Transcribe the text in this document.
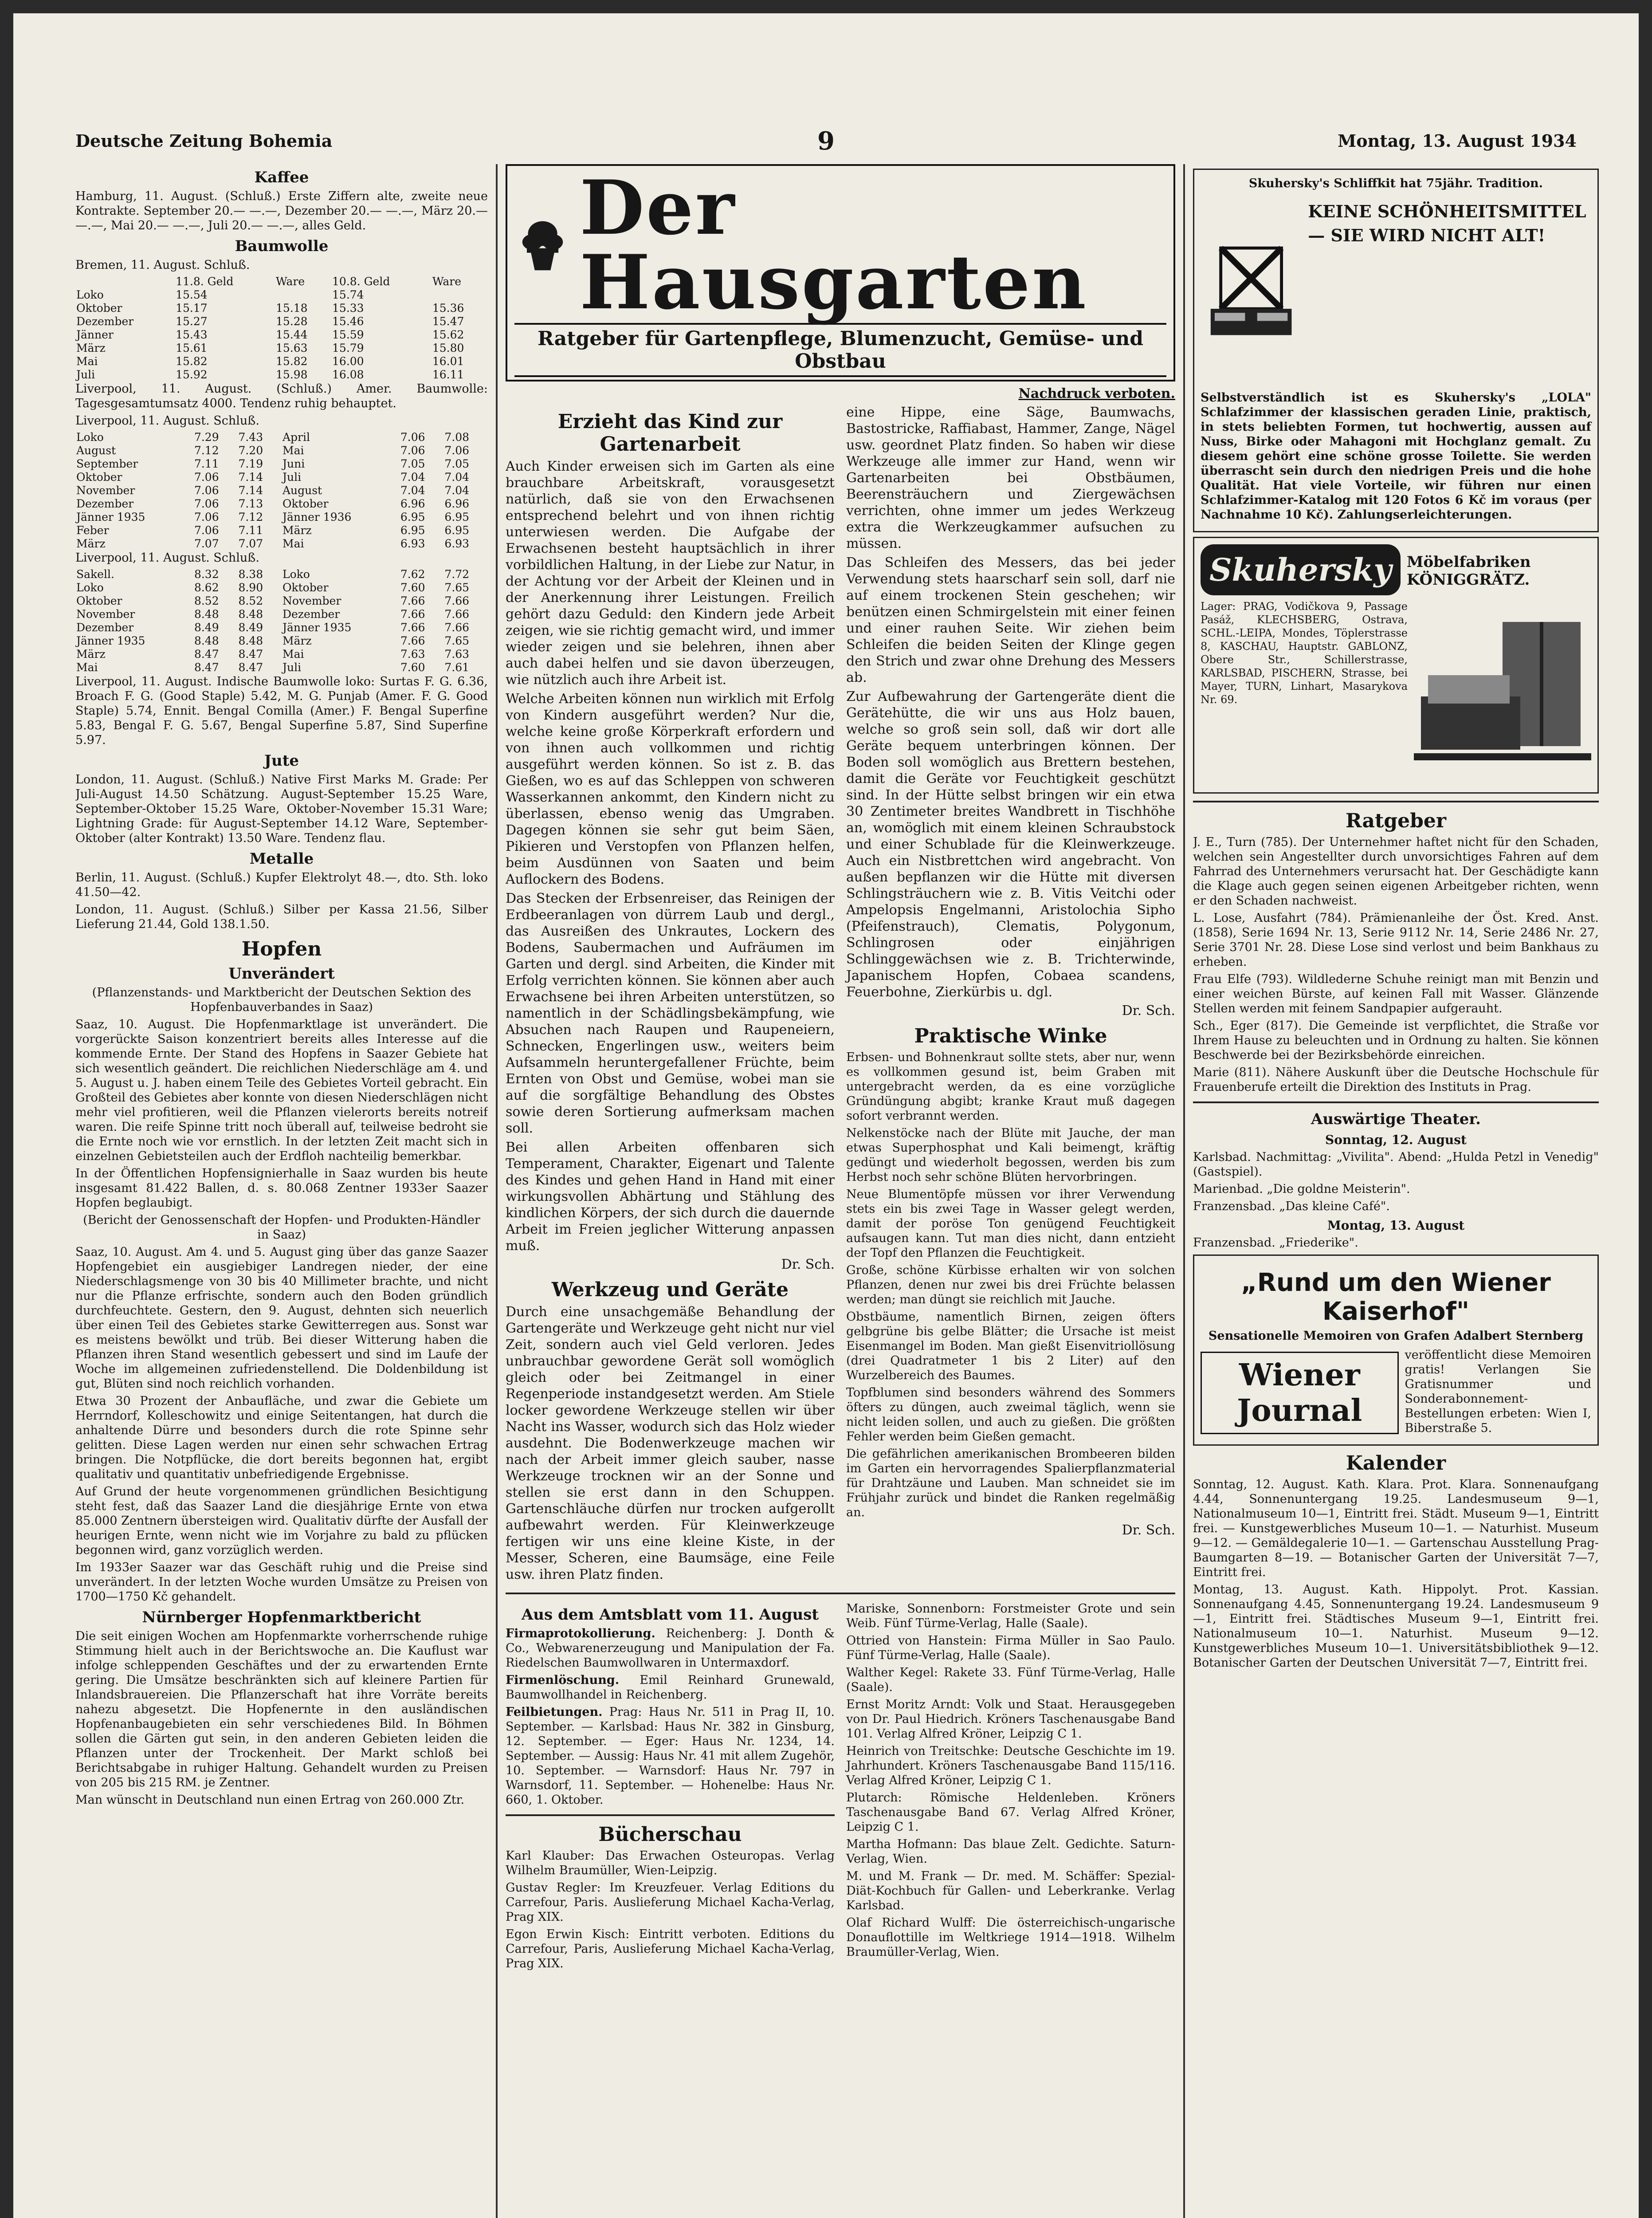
Deutsche Zeitung Bohemia	9	Montag, 13. August 1934
Kaffee

Hamburg, 11. August. (Schluß.) Erste Ziffern alte, zweite neue Kontrakte. September 20.— —.—, Dezember 20.— —.—, März 20.— —.—, Mai 20.— —.—, Juli 20.— —.—, alles Geld.

Baumwolle

Bremen, 11. August. Schluß.

	11.8. Geld	Ware	10.8. Geld	Ware
Loko	15.54		15.74	
Oktober	15.17	15.18	15.33	15.36
Dezember	15.27	15.28	15.46	15.47
Jänner	15.43	15.44	15.59	15.62
März	15.61	15.63	15.79	15.80
Mai	15.82	15.82	16.00	16.01
Juli	15.92	15.98	16.08	16.11

Liverpool, 11. August. (Schluß.) Amer. Baumwolle: Tagesgesamtumsatz 4000. Tendenz ruhig behauptet.

Liverpool, 11. August. Schluß.

Loko	7.29	7.43	April	7.06	7.08
August	7.12	7.20	Mai	7.06	7.06
September	7.11	7.19	Juni	7.05	7.05
Oktober	7.06	7.14	Juli	7.04	7.04
November	7.06	7.14	August	7.04	7.04
Dezember	7.06	7.13	Oktober	6.96	6.96
Jänner 1935	7.06	7.12	Jänner 1936	6.95	6.95
Feber	7.06	7.11	März	6.95	6.95
März	7.07	7.07	Mai	6.93	6.93

Liverpool, 11. August. Schluß.

Sakell.	8.32	8.38	Loko	7.62	7.72
Loko	8.62	8.90	Oktober	7.60	7.65
Oktober	8.52	8.52	November	7.66	7.66
November	8.48	8.48	Dezember	7.66	7.66
Dezember	8.49	8.49	Jänner 1935	7.66	7.66
Jänner 1935	8.48	8.48	März	7.66	7.65
März	8.47	8.47	Mai	7.63	7.63
Mai	8.47	8.47	Juli	7.60	7.61

Liverpool, 11. August. Indische Baumwolle loko: Surtas F. G. 6.36, Broach F. G. (Good Staple) 5.42, M. G. Punjab (Amer. F. G. Good Staple) 5.74, Ennit. Bengal Comilla (Amer.) F. Bengal Superfine 5.83, Bengal F. G. 5.67, Bengal Superfine 5.87, Sind Superfine 5.97.

Jute

London, 11. August. (Schluß.) Native First Marks M. Grade: Per Juli-August 14.50 Schätzung. August-September 15.25 Ware, September-Oktober 15.25 Ware, Oktober-November 15.31 Ware; Lightning Grade: für August-September 14.12 Ware, September-Oktober (alter Kontrakt) 13.50 Ware. Tendenz flau.

Metalle

Berlin, 11. August. (Schluß.) Kupfer Elektrolyt 48.—, dto. Sth. loko 41.50—42.

London, 11. August. (Schluß.) Silber per Kassa 21.56, Silber Lieferung 21.44, Gold 138.1.50.

Hopfen
Unverändert

(Pflanzenstands- und Marktbericht der Deutschen Sektion des Hopfenbauverbandes in Saaz)

Saaz, 10. August. Die Hopfenmarktlage ist unverändert. Die vorgerückte Saison konzentriert bereits alles Interesse auf die kommende Ernte. Der Stand des Hopfens in Saazer Gebiete hat sich wesentlich geändert. Die reichlichen Niederschläge am 4. und 5. August u. J. haben einem Teile des Gebietes Vorteil gebracht. Ein Großteil des Gebietes aber konnte von diesen Niederschlägen nicht mehr viel profitieren, weil die Pflanzen vielerorts bereits notreif waren. Die reife Spinne tritt noch überall auf, teilweise bedroht sie die Ernte noch wie vor ernstlich. In der letzten Zeit macht sich in einzelnen Gebietsteilen auch der Erdfloh nachteilig bemerkbar.

In der Öffentlichen Hopfensignierhalle in Saaz wurden bis heute insgesamt 81.422 Ballen, d. s. 80.068 Zentner 1933er Saazer Hopfen beglaubigt.

(Bericht der Genossenschaft der Hopfen- und Produkten-Händler in Saaz)

Saaz, 10. August. Am 4. und 5. August ging über das ganze Saazer Hopfengebiet ein ausgiebiger Landregen nieder, der eine Niederschlagsmenge von 30 bis 40 Millimeter brachte, und nicht nur die Pflanze erfrischte, sondern auch den Boden gründlich durchfeuchtete. Gestern, den 9. August, dehnten sich neuerlich über einen Teil des Gebietes starke Gewitterregen aus. Sonst war es meistens bewölkt und trüb. Bei dieser Witterung haben die Pflanzen ihren Stand wesentlich gebessert und sind im Laufe der Woche im allgemeinen zufriedenstellend. Die Doldenbildung ist gut, Blüten sind noch reichlich vorhanden.

Etwa 30 Prozent der Anbaufläche, und zwar die Gebiete um Herrndorf, Kolleschowitz und einige Seitentangen, hat durch die anhaltende Dürre und besonders durch die rote Spinne sehr gelitten. Diese Lagen werden nur einen sehr schwachen Ertrag bringen. Die Notpflücke, die dort bereits begonnen hat, ergibt qualitativ und quantitativ unbefriedigende Ergebnisse.

Auf Grund der heute vorgenommenen gründlichen Besichtigung steht fest, daß das Saazer Land die diesjährige Ernte von etwa 85.000 Zentnern übersteigen wird. Qualitativ dürfte der Ausfall der heurigen Ernte, wenn nicht wie im Vorjahre zu bald zu pflücken begonnen wird, ganz vorzüglich werden.

Im 1933er Saazer war das Geschäft ruhig und die Preise sind unverändert. In der letzten Woche wurden Umsätze zu Preisen von 1700—1750 Kč gehandelt.

Nürnberger Hopfenmarktbericht

Die seit einigen Wochen am Hopfenmarkte vorherrschende ruhige Stimmung hielt auch in der Berichtswoche an. Die Kauflust war infolge schleppenden Geschäftes und der zu erwartenden Ernte gering. Die Umsätze beschränkten sich auf kleinere Partien für Inlandsbrauereien. Die Pflanzerschaft hat ihre Vorräte bereits nahezu abgesetzt. Die Hopfenernte in den ausländischen Hopfenanbaugebieten ein sehr verschiedenes Bild. In Böhmen sollen die Gärten gut sein, in den anderen Gebieten leiden die Pflanzen unter der Trockenheit. Der Markt schloß bei Berichtsabgabe in ruhiger Haltung. Gehandelt wurden zu Preisen von 205 bis 215 RM. je Zentner.

Man wünscht in Deutschland nun einen Ertrag von 260.000 Ztr.

Der Hausgarten
Ratgeber für Gartenpflege, Blumenzucht, Gemüse- und Obstbau
Nachdruck verboten.
Erzieht das Kind zur Gartenarbeit

Auch Kinder erweisen sich im Garten als eine brauchbare Arbeitskraft, vorausgesetzt natürlich, daß sie von den Erwachsenen entsprechend belehrt und von ihnen richtig unterwiesen werden. Die Aufgabe der Erwachsenen besteht hauptsächlich in ihrer vorbildlichen Haltung, in der Liebe zur Natur, in der Achtung vor der Arbeit der Kleinen und in der Anerkennung ihrer Leistungen. Freilich gehört dazu Geduld: den Kindern jede Arbeit zeigen, wie sie richtig gemacht wird, und immer wieder zeigen und sie belehren, ihnen aber auch dabei helfen und sie davon überzeugen, wie nützlich auch ihre Arbeit ist.

Welche Arbeiten können nun wirklich mit Erfolg von Kindern ausgeführt werden? Nur die, welche keine große Körperkraft erfordern und von ihnen auch vollkommen und richtig ausgeführt werden können. So ist z. B. das Gießen, wo es auf das Schleppen von schweren Wasserkannen ankommt, den Kindern nicht zu überlassen, ebenso wenig das Umgraben. Dagegen können sie sehr gut beim Säen, Pikieren und Verstopfen von Pflanzen helfen, beim Ausdünnen von Saaten und beim Auflockern des Bodens.

Das Stecken der Erbsenreiser, das Reinigen der Erdbeeranlagen von dürrem Laub und dergl., das Ausreißen des Unkrautes, Lockern des Bodens, Saubermachen und Aufräumen im Garten und dergl. sind Arbeiten, die Kinder mit Erfolg verrichten können. Sie können aber auch Erwachsene bei ihren Arbeiten unterstützen, so namentlich in der Schädlingsbekämpfung, wie Absuchen nach Raupen und Raupeneiern, Schnecken, Engerlingen usw., weiters beim Aufsammeln heruntergefallener Früchte, beim Ernten von Obst und Gemüse, wobei man sie auf die sorgfältige Behandlung des Obstes sowie deren Sortierung aufmerksam machen soll.

Bei allen Arbeiten offenbaren sich Temperament, Charakter, Eigenart und Talente des Kindes und gehen Hand in Hand mit einer wirkungsvollen Abhärtung und Stählung des kindlichen Körpers, der sich durch die dauernde Arbeit im Freien jeglicher Witterung anpassen muß.

Dr. Sch.
Werkzeug und Geräte

Durch eine unsachgemäße Behandlung der Gartengeräte und Werkzeuge geht nicht nur viel Zeit, sondern auch viel Geld verloren. Jedes unbrauchbar gewordene Gerät soll womöglich gleich oder bei Zeitmangel in einer Regenperiode instandgesetzt werden. Am Stiele locker gewordene Werkzeuge stellen wir über Nacht ins Wasser, wodurch sich das Holz wieder ausdehnt. Die Bodenwerkzeuge machen wir nach der Arbeit immer gleich sauber, nasse Werkzeuge trocknen wir an der Sonne und stellen sie erst dann in den Schuppen. Gartenschläuche dürfen nur trocken aufgerollt aufbewahrt werden. Für Kleinwerkzeuge fertigen wir uns eine kleine Kiste, in der Messer, Scheren, eine Baumsäge, eine Feile usw. ihren Platz finden.

eine Hippe, eine Säge, Baumwachs, Bastostricke, Raffiabast, Hammer, Zange, Nägel usw. geordnet Platz finden. So haben wir diese Werkzeuge alle immer zur Hand, wenn wir Gartenarbeiten bei Obstbäumen, Beerensträuchern und Ziergewächsen verrichten, ohne immer um jedes Werkzeug extra die Werkzeugkammer aufsuchen zu müssen.

Das Schleifen des Messers, das bei jeder Verwendung stets haarscharf sein soll, darf nie auf einem trockenen Stein geschehen; wir benützen einen Schmirgelstein mit einer feinen und einer rauhen Seite. Wir ziehen beim Schleifen die beiden Seiten der Klinge gegen den Strich und zwar ohne Drehung des Messers ab.

Zur Aufbewahrung der Gartengeräte dient die Gerätehütte, die wir uns aus Holz bauen, welche so groß sein soll, daß wir dort alle Geräte bequem unterbringen können. Der Boden soll womöglich aus Brettern bestehen, damit die Geräte vor Feuchtigkeit geschützt sind. In der Hütte selbst bringen wir ein etwa 30 Zentimeter breites Wandbrett in Tischhöhe an, womöglich mit einem kleinen Schraubstock und einer Schublade für die Kleinwerkzeuge. Auch ein Nistbrettchen wird angebracht. Von außen bepflanzen wir die Hütte mit diversen Schlingsträuchern wie z. B. Vitis Veitchi oder Ampelopsis Engelmanni, Aristolochia Sipho (Pfeifenstrauch), Clematis, Polygonum, Schlingrosen oder einjährigen Schlinggewächsen wie z. B. Trichterwinde, Japanischem Hopfen, Cobaea scandens, Feuerbohne, Zierkürbis u. dgl.

Dr. Sch.
Praktische Winke

Erbsen- und Bohnenkraut sollte stets, aber nur, wenn es vollkommen gesund ist, beim Graben mit untergebracht werden, da es eine vorzügliche Gründüngung abgibt; kranke Kraut muß dagegen sofort verbrannt werden.

Nelkenstöcke nach der Blüte mit Jauche, der man etwas Superphosphat und Kali beimengt, kräftig gedüngt und wiederholt begossen, werden bis zum Herbst noch sehr schöne Blüten hervorbringen.

Neue Blumentöpfe müssen vor ihrer Verwendung stets ein bis zwei Tage in Wasser gelegt werden, damit der poröse Ton genügend Feuchtigkeit aufsaugen kann. Tut man dies nicht, dann entzieht der Topf den Pflanzen die Feuchtigkeit.

Große, schöne Kürbisse erhalten wir von solchen Pflanzen, denen nur zwei bis drei Früchte belassen werden; man düngt sie reichlich mit Jauche.

Obstbäume, namentlich Birnen, zeigen öfters gelbgrüne bis gelbe Blätter; die Ursache ist meist Eisenmangel im Boden. Man gießt Eisenvitriollösung (drei Quadratmeter 1 bis 2 Liter) auf den Wurzelbereich des Baumes.

Topfblumen sind besonders während des Sommers öfters zu düngen, auch zweimal täglich, wenn sie nicht leiden sollen, und auch zu gießen. Die größten Fehler werden beim Gießen gemacht.

Die gefährlichen amerikanischen Brombeeren bilden im Garten ein hervorragendes Spalierpflanzmaterial für Drahtzäune und Lauben. Man schneidet sie im Frühjahr zurück und bindet die Ranken regelmäßig an.

Dr. Sch.
Aus dem Amtsblatt vom 11. August

Firmaprotokollierung. Reichenberg: J. Donth & Co., Webwarenerzeugung und Manipulation der Fa. Riedelschen Baumwollwaren in Untermaxdorf.

Firmenlöschung. Emil Reinhard Grunewald, Baumwollhandel in Reichenberg.

Feilbietungen. Prag: Haus Nr. 511 in Prag II, 10. September. — Karlsbad: Haus Nr. 382 in Ginsburg, 12. September. — Eger: Haus Nr. 1234, 14. September. — Aussig: Haus Nr. 41 mit allem Zugehör, 10. September. — Warnsdorf: Haus Nr. 797 in Warnsdorf, 11. September. — Hohenelbe: Haus Nr. 660, 1. Oktober.

Bücherschau

Karl Klauber: Das Erwachen Osteuropas. Verlag Wilhelm Braumüller, Wien-Leipzig.

Gustav Regler: Im Kreuzfeuer. Verlag Editions du Carrefour, Paris. Auslieferung Michael Kacha-Verlag, Prag XIX.

Egon Erwin Kisch: Eintritt verboten. Editions du Carrefour, Paris, Auslieferung Michael Kacha-Verlag, Prag XIX.

Mariske, Sonnenborn: Forstmeister Grote und sein Weib. Fünf Türme-Verlag, Halle (Saale).

Ottried von Hanstein: Firma Müller in Sao Paulo. Fünf Türme-Verlag, Halle (Saale).

Walther Kegel: Rakete 33. Fünf Türme-Verlag, Halle (Saale).

Ernst Moritz Arndt: Volk und Staat. Herausgegeben von Dr. Paul Hiedrich. Kröners Taschenausgabe Band 101. Verlag Alfred Kröner, Leipzig C 1.

Heinrich von Treitschke: Deutsche Geschichte im 19. Jahrhundert. Kröners Taschenausgabe Band 115/116. Verlag Alfred Kröner, Leipzig C 1.

Plutarch: Römische Heldenleben. Kröners Taschenausgabe Band 67. Verlag Alfred Kröner, Leipzig C 1.

Martha Hofmann: Das blaue Zelt. Gedichte. Saturn-Verlag, Wien.

M. und M. Frank — Dr. med. M. Schäffer: Spezial-Diät-Kochbuch für Gallen- und Leberkranke. Verlag Karlsbad.

Olaf Richard Wulff: Die österreichisch-ungarische Donauflottille im Weltkriege 1914—1918. Wilhelm Braumüller-Verlag, Wien.

Skuhersky's Schliffkit hat 75jähr. Tradition.
KEINE SCHÖNHEITSMITTEL — SIE WIRD NICHT ALT!

Selbstverständlich ist es Skuhersky's „LOLA" Schlafzimmer der klassischen geraden Linie, praktisch, in stets beliebten Formen, tut hochwertig, aussen auf Nuss, Birke oder Mahagoni mit Hochglanz gemalt. Zu diesem gehört eine schöne grosse Toilette. Sie werden überrascht sein durch den niedrigen Preis und die hohe Qualität. Hat viele Vorteile, wir führen nur einen Schlafzimmer-Katalog mit 120 Fotos 6 Kč im voraus (per Nachnahme 10 Kč). Zahlungserleichterungen.

Skuhersky	Möbelfabriken KÖNIGGRÄTZ.

Lager: PRAG, Vodičkova 9, Passage Pasáž, KLECHSBERG, Ostrava, SCHL.-LEIPA, Mondes, Töplerstrasse 8, KASCHAU, Hauptstr. GABLONZ, Obere Str., Schillerstrasse, KARLSBAD, PISCHERN, Strasse, bei Mayer, TURN, Linhart, Masarykova Nr. 69.

Ratgeber

J. E., Turn (785). Der Unternehmer haftet nicht für den Schaden, welchen sein Angestellter durch unvorsichtiges Fahren auf dem Fahrrad des Unternehmers verursacht hat. Der Geschädigte kann die Klage auch gegen seinen eigenen Arbeitgeber richten, wenn er den Schaden nachweist.

L. Lose, Ausfahrt (784). Prämienanleihe der Öst. Kred. Anst. (1858), Serie 1694 Nr. 13, Serie 9112 Nr. 14, Serie 2486 Nr. 27, Serie 3701 Nr. 28. Diese Lose sind verlost und beim Bankhaus zu erheben.

Frau Elfe (793). Wildlederne Schuhe reinigt man mit Benzin und einer weichen Bürste, auf keinen Fall mit Wasser. Glänzende Stellen werden mit feinem Sandpapier aufgerauht.

Sch., Eger (817). Die Gemeinde ist verpflichtet, die Straße vor Ihrem Hause zu beleuchten und in Ordnung zu halten. Sie können Beschwerde bei der Bezirksbehörde einreichen.

Marie (811). Nähere Auskunft über die Deutsche Hochschule für Frauenberufe erteilt die Direktion des Instituts in Prag.

Auswärtige Theater.
Sonntag, 12. August

Karlsbad. Nachmittag: „Vivilita". Abend: „Hulda Petzl in Venedig" (Gastspiel).

Marienbad. „Die goldne Meisterin".

Franzensbad. „Das kleine Café".

Montag, 13. August

Franzensbad. „Friederike".

„Rund um den Wiener Kaiserhof"
Sensationelle Memoiren von Grafen Adalbert Sternberg
Wiener Journal

veröffentlicht diese Memoiren gratis! Verlangen Sie Gratisnummer und Sonderabonnement-Bestellungen erbeten: Wien I, Biberstraße 5.

Kalender

Sonntag, 12. August. Kath. Klara. Prot. Klara. Sonnenaufgang 4.44, Sonnenuntergang 19.25. Landesmuseum 9—1, Nationalmuseum 10—1, Eintritt frei. Städt. Museum 9—1, Eintritt frei. — Kunstgewerbliches Museum 10—1. — Naturhist. Museum 9—12. — Gemäldegalerie 10—1. — Gartenschau Ausstellung Prag-Baumgarten 8—19. — Botanischer Garten der Universität 7—7, Eintritt frei.

Montag, 13. August. Kath. Hippolyt. Prot. Kassian. Sonnenaufgang 4.45, Sonnenuntergang 19.24. Landesmuseum 9—1, Eintritt frei. Städtisches Museum 9—1, Eintritt frei. Nationalmuseum 10—1. Naturhist. Museum 9—12. Kunstgewerbliches Museum 10—1. Universitätsbibliothek 9—12. Botanischer Garten der Deutschen Universität 7—7, Eintritt frei.
